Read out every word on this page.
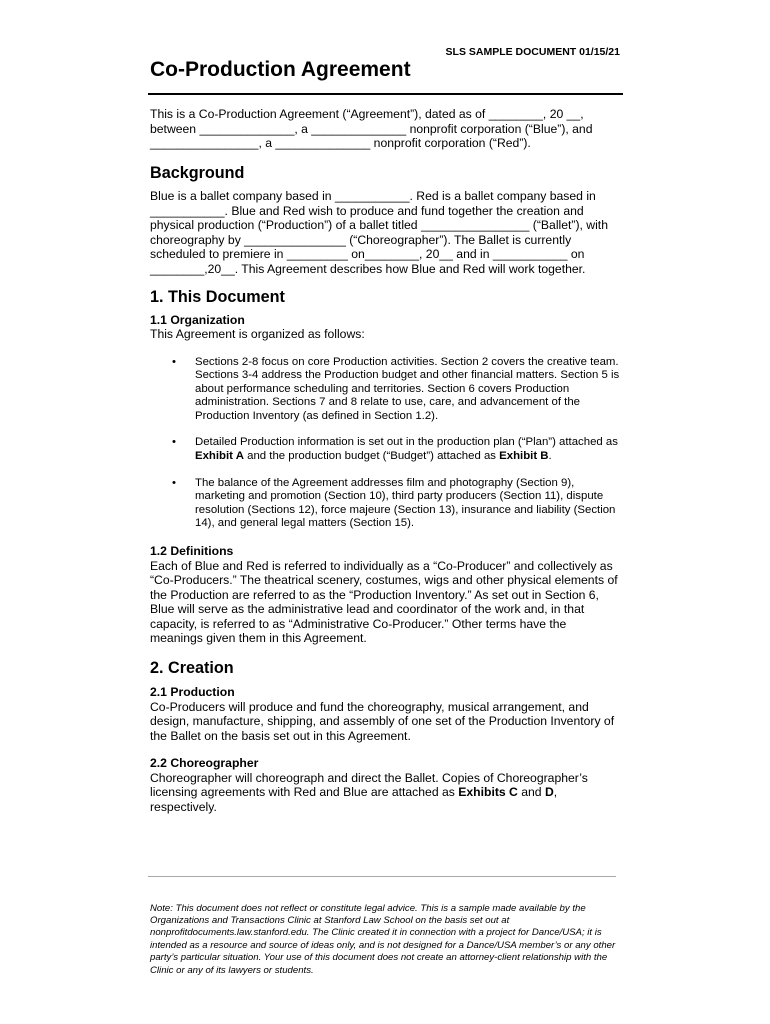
SLS SAMPLE DOCUMENT 01/15/21
Co-Production Agreement

This is a Co-Production Agreement (“Agreement”), dated as of ________, 20 __, between ______________, a ______________ nonprofit corporation (“Blue”), and ________________, a ______________ nonprofit corporation (“Red”).

Background

Blue is a ballet company based in ___________. Red is a ballet company based in ___________. Blue and Red wish to produce and fund together the creation and physical production (“Production”) of a ballet titled ________________ (“Ballet”), with choreography by _______________ (“Choreographer”). The Ballet is currently scheduled to premiere in _________ on________, 20__ and in ___________ on ________,20__. This Agreement describes how Blue and Red will work together.

1. This Document
1.1 Organization

This Agreement is organized as follows:

• Sections 2-8 focus on core Production activities. Section 2 covers the creative team. Sections 3-4 address the Production budget and other financial matters. Section 5 is about performance scheduling and territories. Section 6 covers Production administration. Sections 7 and 8 relate to use, care, and advancement of the Production Inventory (as defined in Section 1.2).
• Detailed Production information is set out in the production plan (“Plan”) attached as Exhibit A and the production budget (“Budget”) attached as Exhibit B.
• The balance of the Agreement addresses film and photography (Section 9), marketing and promotion (Section 10), third party producers (Section 11), dispute resolution (Sections 12), force majeure (Section 13), insurance and liability (Section 14), and general legal matters (Section 15).
1.2 Definitions

Each of Blue and Red is referred to individually as a “Co-Producer” and collectively as “Co-Producers.” The theatrical scenery, costumes, wigs and other physical elements of the Production are referred to as the “Production Inventory.” As set out in Section 6, Blue will serve as the administrative lead and coordinator of the work and, in that capacity, is referred to as “Administrative Co-Producer.” Other terms have the meanings given them in this Agreement.

2. Creation
2.1 Production

Co-Producers will produce and fund the choreography, musical arrangement, and design, manufacture, shipping, and assembly of one set of the Production Inventory of the Ballet on the basis set out in this Agreement.

2.2 Choreographer

Choreographer will choreograph and direct the Ballet. Copies of Choreographer’s licensing agreements with Red and Blue are attached as Exhibits C and D, respectively.

Note: This document does not reflect or constitute legal advice. This is a sample made available by the Organizations and Transactions Clinic at Stanford Law School on the basis set out at nonprofitdocuments.law.stanford.edu. The Clinic created it in connection with a project for Dance/USA; it is intended as a resource and source of ideas only, and is not designed for a Dance/USA member’s or any other party’s particular situation. Your use of this document does not create an attorney-client relationship with the Clinic or any of its lawyers or students.
